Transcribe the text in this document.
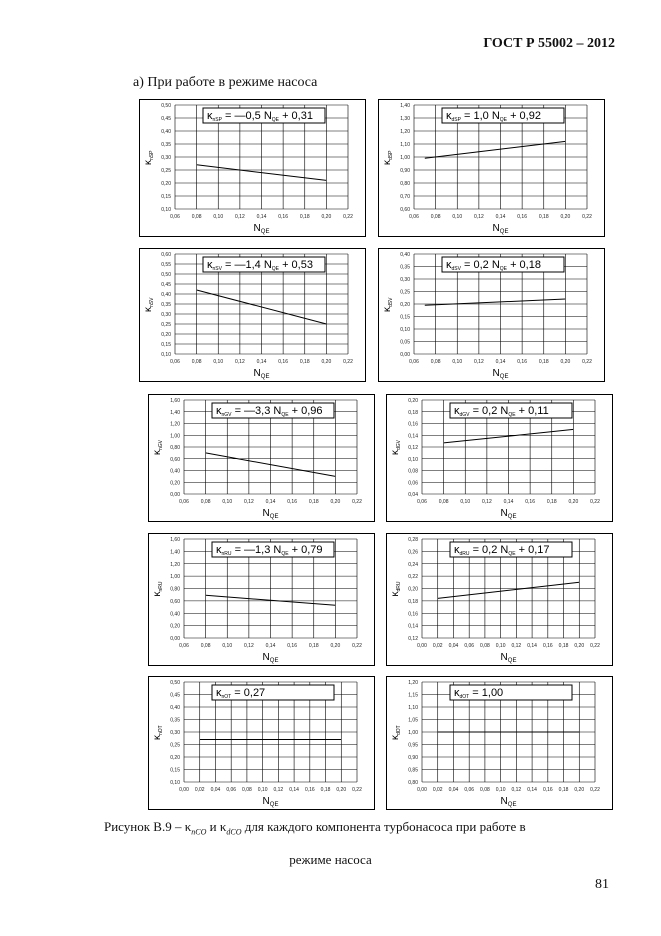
ГОСТ Р 55002 – 2012
а) При работе в режиме насоса
0,06 0,08 0,10 0,12 0,14 0,16 0,18 0,20 0,22
0,10
0,15
0,20
0,25
0,30
0,35
0,40
0,45
0,50
κnSP = —0,5 NQE + 0,31
$N_{QE}$
$\kappa_{nSP}$
0,06 0,08 0,10 0,12 0,14 0,16 0,18 0,20 0,22
0,60
0,70
0,80
0,90
1,00
1,10
1,20
1,30
1,40
κdSP = 1,0 NQE + 0,92
$N_{QE}$
$\kappa_{dSP}$
0,06 0,08 0,10 0,12 0,14 0,16 0,18 0,20 0,22
0,10
0,15
0,20
0,25
0,30
0,35
0,40
0,45
0,50
0,55
0,60
κnSV = —1,4 NQE + 0,53
$N_{QE}$
$\kappa_{nSV}$
0,06 0,08 0,10 0,12 0,14 0,16 0,18 0,20 0,22
0,00
0,05
0,10
0,15
0,20
0,25
0,30
0,35
0,40
κdSV = 0,2 NQE + 0,18
$N_{QE}$
$\kappa_{dSV}$
0,06 0,08 0,10 0,12 0,14 0,16 0,18 0,20 0,22
0,00
0,20
0,40
0,60
0,80
1,00
1,20
1,40
1,60
κnGV = —3,3 NQE + 0,96
$N_{QE}$
$\kappa_{nGV}$
0,06 0,08 0,10 0,12 0,14 0,16 0,18 0,20 0,22
0,04
0,06
0,08
0,10
0,12
0,14
0,16
0,18
0,20
κdGV = 0,2 NQE + 0,11
$N_{QE}$
$\kappa_{dGV}$
0,06 0,08 0,10 0,12 0,14 0,16 0,18 0,20 0,22
0,00
0,20
0,40
0,60
0,80
1,00
1,20
1,40
1,60
κnRU = —1,3 NQE + 0,79
$N_{QE}$
$\kappa_{nRU}$
0,00 0,02 0,04 0,06 0,08 0,10 0,12 0,14 0,16 0,18 0,20 0,22
0,12
0,14
0,16
0,18
0,20
0,22
0,24
0,26
0,28
κdRU = 0,2 NQE + 0,17
$N_{QE}$
$\kappa_{dRU}$
0,00 0,02 0,04 0,06 0,08 0,10 0,12 0,14 0,16 0,18 0,20 0,22
0,10
0,15
0,20
0,25
0,30
0,35
0,40
0,45
0,50
κnOT = 0,27
$N_{QE}$
$\kappa_{nOT}$
0,00 0,02 0,04 0,06 0,08 0,10 0,12 0,14 0,16 0,18 0,20 0,22
0,80
0,85
0,90
0,95
1,00
1,05
1,10
1,15
1,20
κdOT = 1,00
$N_{QE}$
$\kappa_{dOT}$
Рисунок $В.9 - \kappa_{nCO}$ и $\kappa_{dCO}$ для каждого компонента турбонасоса при работе в
режиме насоса
81
